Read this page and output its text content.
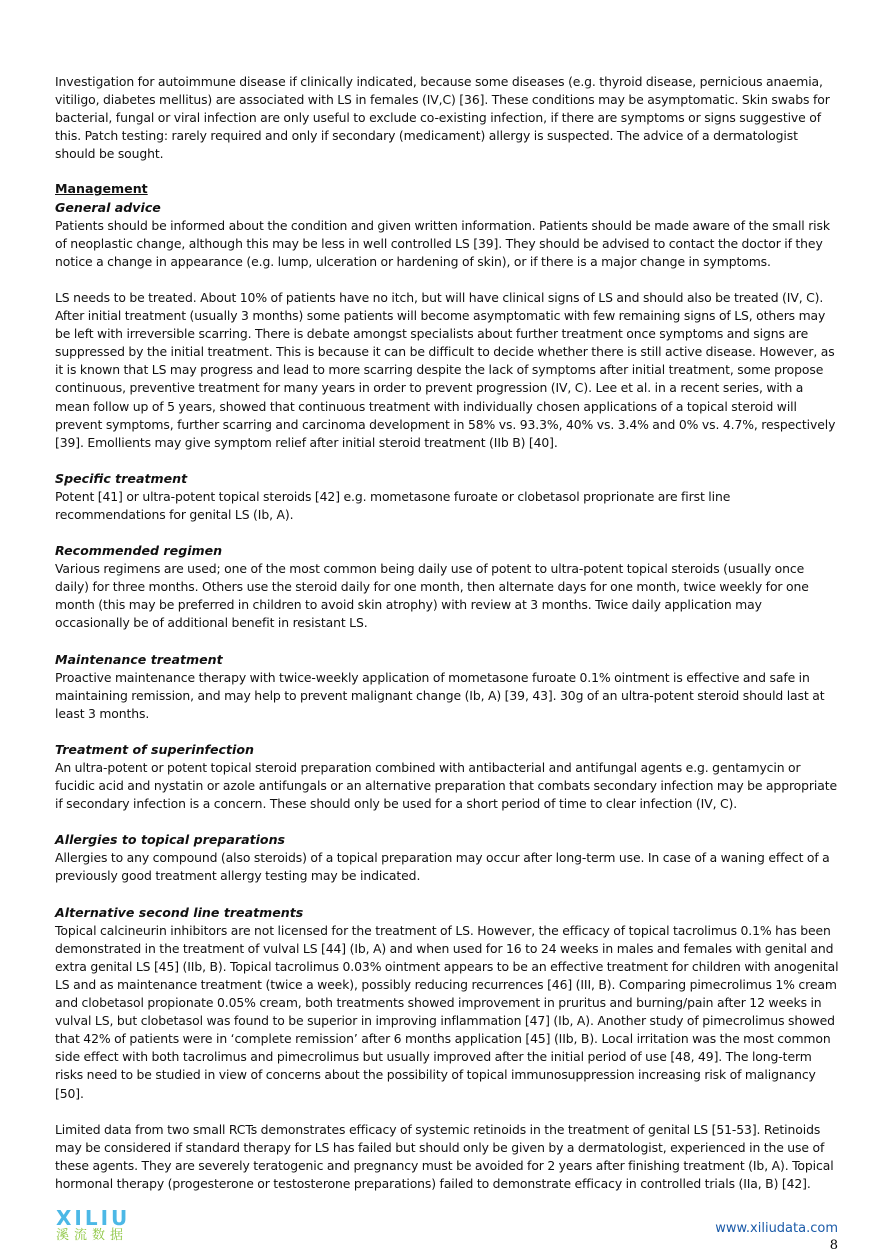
Investigation for autoimmune disease if clinically indicated, because some diseases (e.g. thyroid disease, pernicious anaemia, vitiligo, diabetes mellitus) are associated with LS in females (IV,C) [36]. These conditions may be asymptomatic. Skin swabs for bacterial, fungal or viral infection are only useful to exclude co-existing infection, if there are symptoms or signs suggestive of this. Patch testing: rarely required and only if secondary (medicament) allergy is suspected. The advice of a dermatologist should be sought.

Management

General advice

Patients should be informed about the condition and given written information. Patients should be made aware of the small risk of neoplastic change, although this may be less in well controlled LS [39]. They should be advised to contact the doctor if they notice a change in appearance (e.g. lump, ulceration or hardening of skin), or if there is a major change in symptoms.

LS needs to be treated. About 10% of patients have no itch, but will have clinical signs of LS and should also be treated (IV, C). After initial treatment (usually 3 months) some patients will become asymptomatic with few remaining signs of LS, others may be left with irreversible scarring. There is debate amongst specialists about further treatment once symptoms and signs are suppressed by the initial treatment. This is because it can be difficult to decide whether there is still active disease. However, as it is known that LS may progress and lead to more scarring despite the lack of symptoms after initial treatment, some propose continuous, preventive treatment for many years in order to prevent progression (IV, C). Lee et al. in a recent series, with a mean follow up of 5 years, showed that continuous treatment with individually chosen applications of a topical steroid will prevent symptoms, further scarring and carcinoma development in 58% vs. 93.3%, 40% vs. 3.4% and 0% vs. 4.7%, respectively [39]. Emollients may give symptom relief after initial steroid treatment (IIb B) [40].

Specific treatment

Potent [41] or ultra-potent topical steroids [42] e.g. mometasone furoate or clobetasol proprionate are first line recommendations for genital LS (Ib, A).

Recommended regimen

Various regimens are used; one of the most common being daily use of potent to ultra-potent topical steroids (usually once daily) for three months. Others use the steroid daily for one month, then alternate days for one month, twice weekly for one month (this may be preferred in children to avoid skin atrophy) with review at 3 months. Twice daily application may occasionally be of additional benefit in resistant LS.

Maintenance treatment

Proactive maintenance therapy with twice-weekly application of mometasone furoate 0.1% ointment is effective and safe in maintaining remission, and may help to prevent malignant change (Ib, A) [39, 43]. 30g of an ultra-potent steroid should last at least 3 months.

Treatment of superinfection

An ultra-potent or potent topical steroid preparation combined with antibacterial and antifungal agents e.g. gentamycin or fucidic acid and nystatin or azole antifungals or an alternative preparation that combats secondary infection may be appropriate if secondary infection is a concern. These should only be used for a short period of time to clear infection (IV, C).

Allergies to topical preparations

Allergies to any compound (also steroids) of a topical preparation may occur after long-term use. In case of a waning effect of a previously good treatment allergy testing may be indicated.

Alternative second line treatments

Topical calcineurin inhibitors are not licensed for the treatment of LS. However, the efficacy of topical tacrolimus 0.1% has been demonstrated in the treatment of vulval LS [44] (Ib, A) and when used for 16 to 24 weeks in males and females with genital and extra genital LS [45] (IIb, B). Topical tacrolimus 0.03% ointment appears to be an effective treatment for children with anogenital LS and as maintenance treatment (twice a week), possibly reducing recurrences [46] (III, B). Comparing pimecrolimus 1% cream and clobetasol propionate 0.05% cream, both treatments showed improvement in pruritus and burning/pain after 12 weeks in vulval LS, but clobetasol was found to be superior in improving inflammation [47] (Ib, A). Another study of pimecrolimus showed that 42% of patients were in ‘complete remission’ after 6 months application [45] (IIb, B). Local irritation was the most common side effect with both tacrolimus and pimecrolimus but usually improved after the initial period of use [48, 49]. The long-term risks need to be studied in view of concerns about the possibility of topical immunosuppression increasing risk of malignancy [50].

Limited data from two small RCTs demonstrates efficacy of systemic retinoids in the treatment of genital LS [51-53]. Retinoids may be considered if standard therapy for LS has failed but should only be given by a dermatologist, experienced in the use of these agents. They are severely teratogenic and pregnancy must be avoided for 2 years after finishing treatment (Ib, A). Topical hormonal therapy (progesterone or testosterone preparations) failed to demonstrate efficacy in controlled trials (IIa, B) [42].

XILIU
溪流数据	www.xiliudata.com
8
